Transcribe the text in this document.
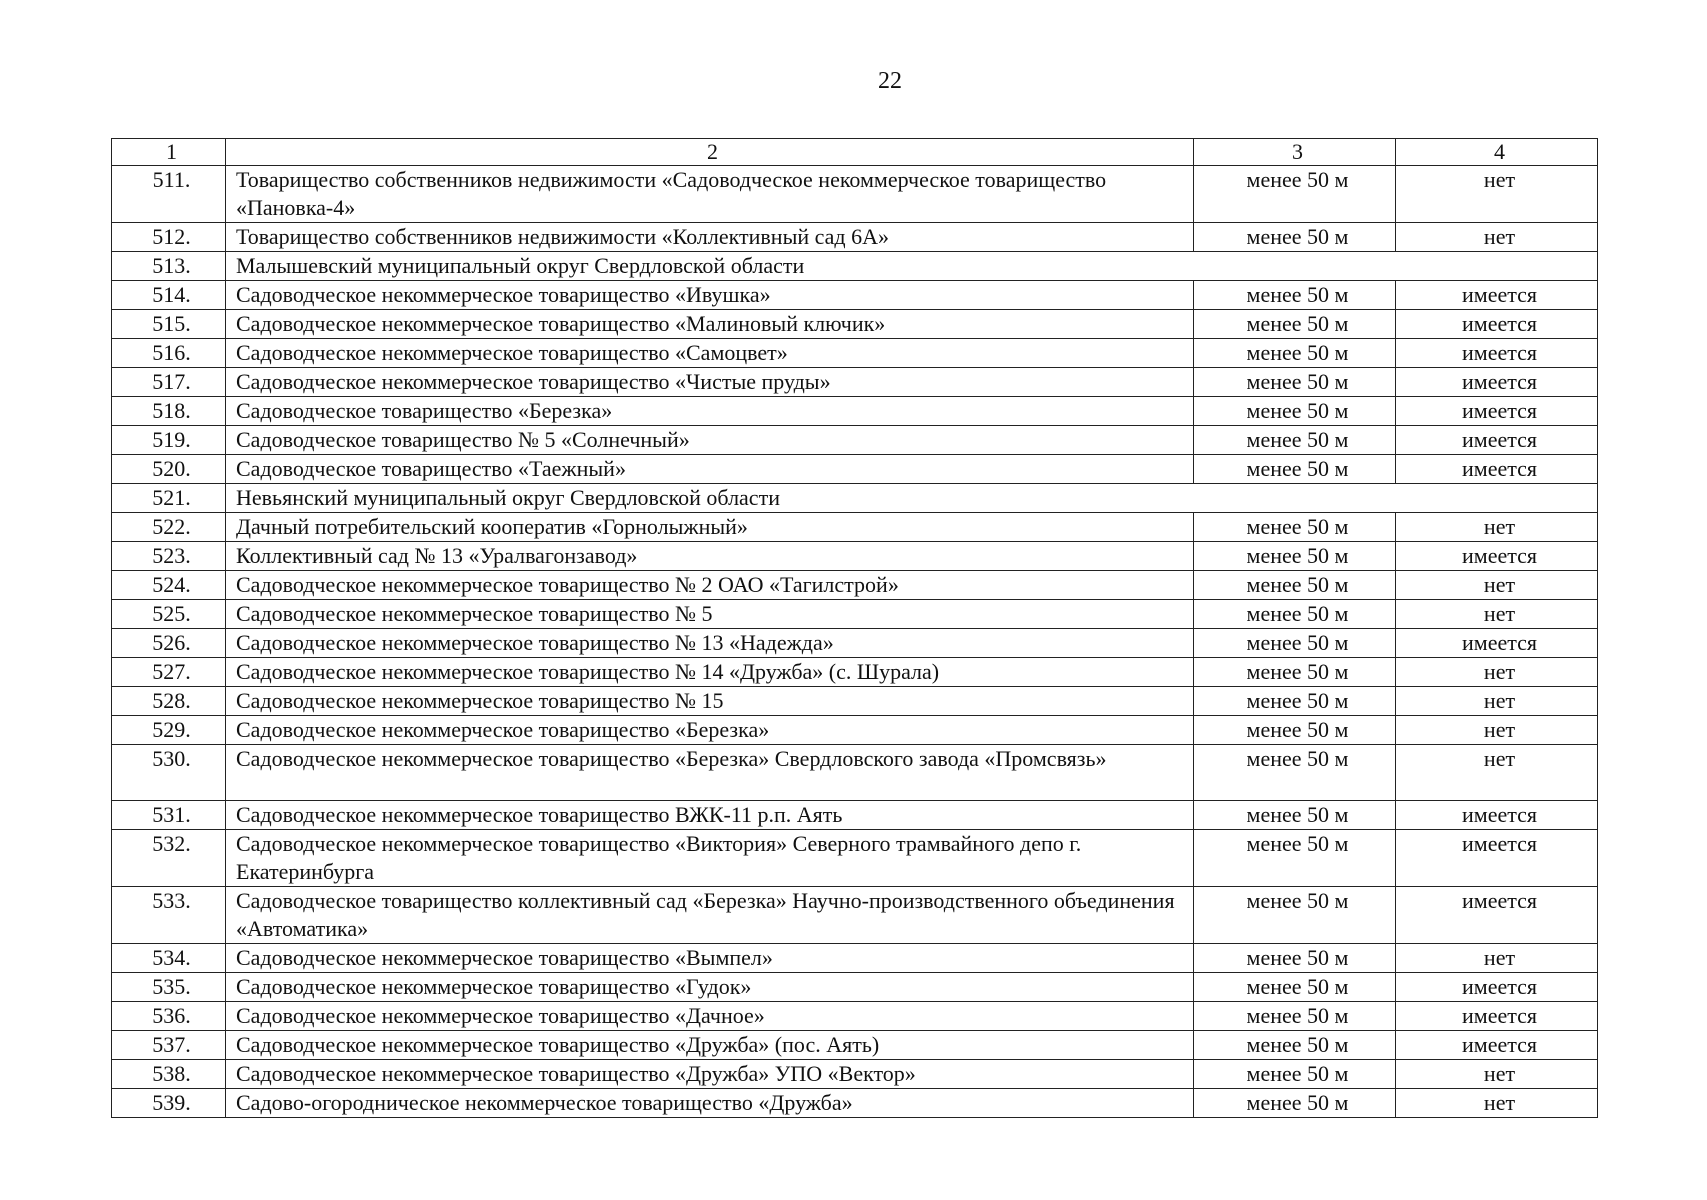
22
1	2	3	4
511.	Товарищество собственников недвижимости «Садоводческое некоммерческое товарищество «Пановка-4»	менее 50 м	нет
512.	Товарищество собственников недвижимости «Коллективный сад 6А»	менее 50 м	нет
513.	Малышевский муниципальный округ Свердловской области		
514.	Садоводческое некоммерческое товарищество «Ивушка»	менее 50 м	имеется
515.	Садоводческое некоммерческое товарищество «Малиновый ключик»	менее 50 м	имеется
516.	Садоводческое некоммерческое товарищество «Самоцвет»	менее 50 м	имеется
517.	Садоводческое некоммерческое товарищество «Чистые пруды»	менее 50 м	имеется
518.	Садоводческое товарищество «Березка»	менее 50 м	имеется
519.	Садоводческое товарищество № 5 «Солнечный»	менее 50 м	имеется
520.	Садоводческое товарищество «Таежный»	менее 50 м	имеется
521.	Невьянский муниципальный округ Свердловской области		
522.	Дачный потребительский кооператив «Горнолыжный»	менее 50 м	нет
523.	Коллективный сад № 13 «Уралвагонзавод»	менее 50 м	имеется
524.	Садоводческое некоммерческое товарищество № 2 ОАО «Тагилстрой»	менее 50 м	нет
525.	Садоводческое некоммерческое товарищество № 5	менее 50 м	нет
526.	Садоводческое некоммерческое товарищество № 13 «Надежда»	менее 50 м	имеется
527.	Садоводческое некоммерческое товарищество № 14 «Дружба» (с. Шурала)	менее 50 м	нет
528.	Садоводческое некоммерческое товарищество № 15	менее 50 м	нет
529.	Садоводческое некоммерческое товарищество «Березка»	менее 50 м	нет
530.	Садоводческое некоммерческое товарищество «Березка» Свердловского завода «Промсвязь»	менее 50 м	нет
531.	Садоводческое некоммерческое товарищество ВЖК-11 р.п. Аять	менее 50 м	имеется
532.	Садоводческое некоммерческое товарищество «Виктория» Северного трамвайного депо г. Екатеринбурга	менее 50 м	имеется
533.	Садоводческое товарищество коллективный сад «Березка» Научно-производственного объединения «Автоматика»	менее 50 м	имеется
534.	Садоводческое некоммерческое товарищество «Вымпел»	менее 50 м	нет
535.	Садоводческое некоммерческое товарищество «Гудок»	менее 50 м	имеется
536.	Садоводческое некоммерческое товарищество «Дачное»	менее 50 м	имеется
537.	Садоводческое некоммерческое товарищество «Дружба» (пос. Аять)	менее 50 м	имеется
538.	Садоводческое некоммерческое товарищество «Дружба» УПО «Вектор»	менее 50 м	нет
539.	Садово-огородническое некоммерческое товарищество «Дружба»	менее 50 м	нет
